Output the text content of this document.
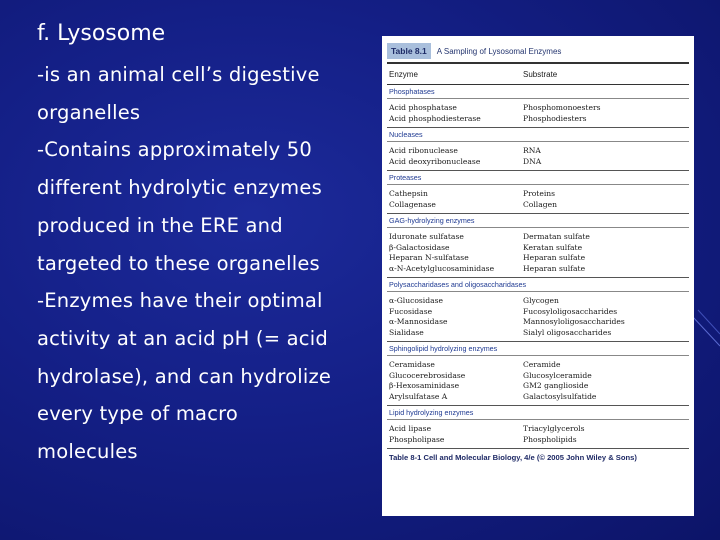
f. Lysosome
-is an animal cell’s digestive
organelles
-Contains approximately 50
different hydrolytic enzymes
produced in the ERE and
targeted to these organelles
-Enzymes have their optimal
activity at an acid pH (= acid
hydrolase), and can hydrolize
every type of macro
molecules
Table 8.1	A Sampling of Lysosomal Enzymes
Enzyme	Substrate
Phosphatases
Acid phosphatase	Phosphomonoesters
Acid phosphodiesterase	Phosphodiesters
Nucleases
Acid ribonuclease	RNA
Acid deoxyribonuclease	DNA
Proteases
Cathepsin	Proteins
Collagenase	Collagen
GAG-hydrolyzing enzymes
Iduronate sulfatase	Dermatan sulfate
β-Galactosidase	Keratan sulfate
Heparan N-sulfatase	Heparan sulfate
α-N-Acetylglucosaminidase	Heparan sulfate
Polysaccharidases and oligosaccharidases
α-Glucosidase	Glycogen
Fucosidase	Fucosyloligosaccharides
α-Mannosidase	Mannosyloligosaccharides
Sialidase	Sialyl oligosaccharides
Sphingolipid hydrolyzing enzymes
Ceramidase	Ceramide
Glucocerebrosidase	Glucosylceramide
β-Hexosaminidase	GM2 ganglioside
Arylsulfatase A	Galactosylsulfatide
Lipid hydrolyzing enzymes
Acid lipase	Triacylglycerols
Phospholipase	Phospholipids
Table 8-1 Cell and Molecular Biology, 4/e (© 2005 John Wiley & Sons)
